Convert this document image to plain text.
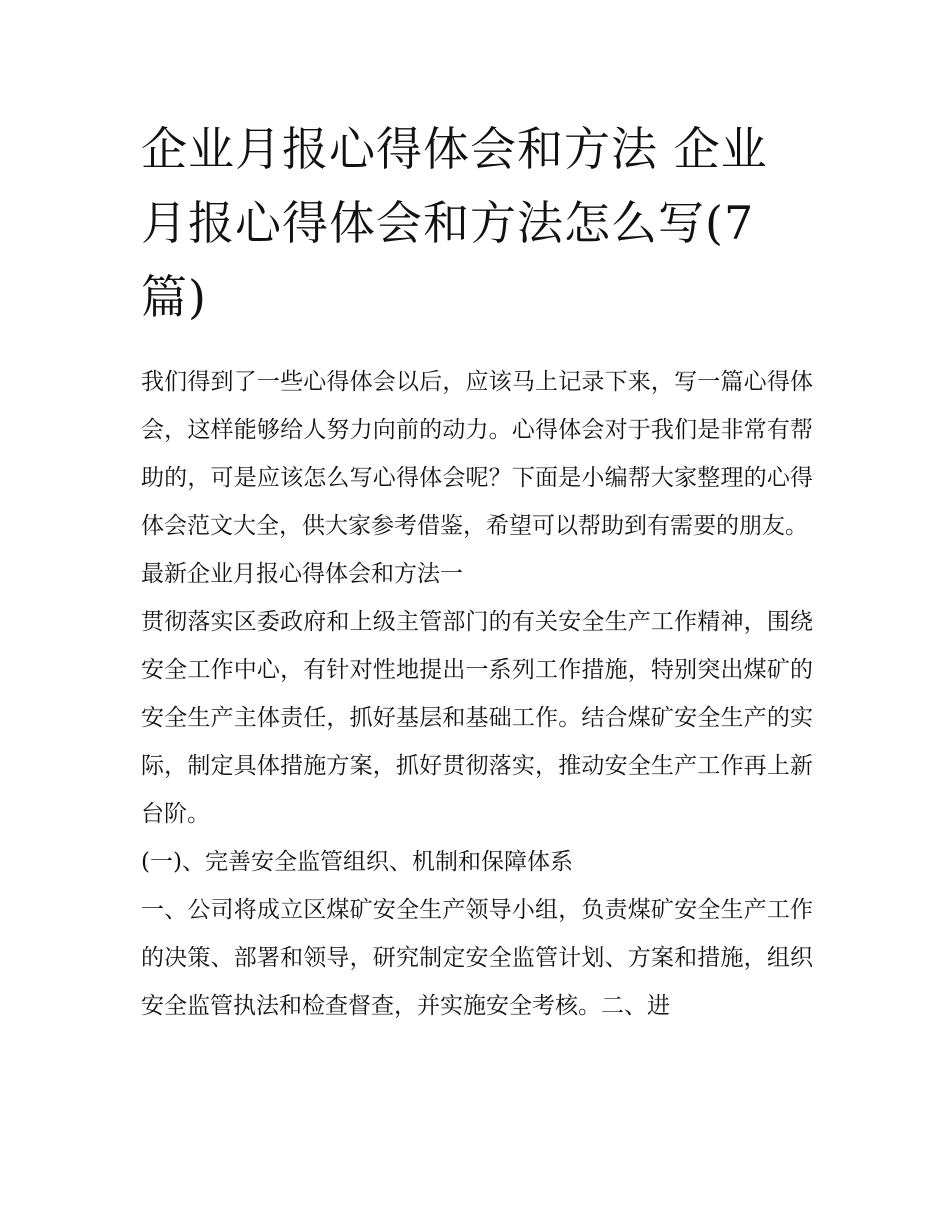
企业月报心得体会和方法 企业月报心得体会和方法怎么写(7篇)

我们得到了一些心得体会以后，应该马上记录下来，写一篇心得体会，这样能够给人努力向前的动力。心得体会对于我们是非常有帮助的，可是应该怎么写心得体会呢？下面是小编帮大家整理的心得体会范文大全，供大家参考借鉴，希望可以帮助到有需要的朋友。

最新企业月报心得体会和方法一

贯彻落实区委政府和上级主管部门的有关安全生产工作精神，围绕安全工作中心，有针对性地提出一系列工作措施，特别突出煤矿的安全生产主体责任，抓好基层和基础工作。结合煤矿安全生产的实际，制定具体措施方案，抓好贯彻落实，推动安全生产工作再上新台阶。

(一)、完善安全监管组织、机制和保障体系

一、公司将成立区煤矿安全生产领导小组，负责煤矿安全生产工作的决策、部署和领导，研究制定安全监管计划、方案和措施，组织安全监管执法和检查督查，并实施安全考核。二、进
